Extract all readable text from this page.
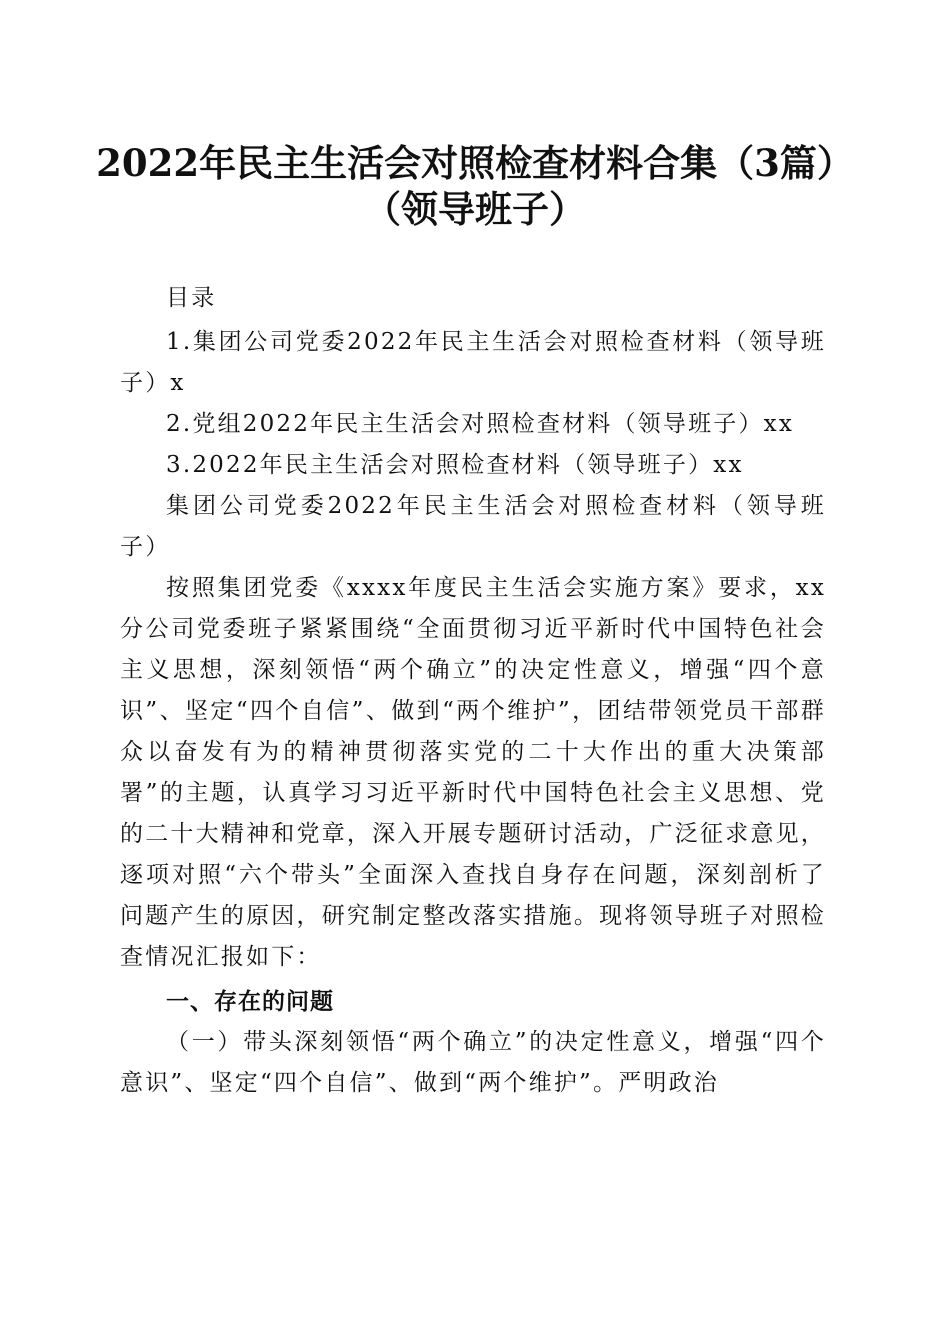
2022年民主生活会对照检查材料合集（3篇）
（领导班子）

目录

1.集团公司党委2022年民主生活会对照检查材料（领导班子）x

2.党组2022年民主生活会对照检查材料（领导班子）xx

3.2022年民主生活会对照检查材料（领导班子）xx

集团公司党委2022年民主生活会对照检查材料（领导班子）

按照集团党委《xxxx年度民主生活会实施方案》要求，xx分公司党委班子紧紧围绕“全面贯彻习近平新时代中国特色社会主义思想，深刻领悟“两个确立”的决定性意义，增强“四个意识”、坚定“四个自信”、做到“两个维护”，团结带领党员干部群众以奋发有为的精神贯彻落实党的二十大作出的重大决策部署”的主题，认真学习习近平新时代中国特色社会主义思想、党的二十大精神和党章，深入开展专题研讨活动，广泛征求意见，逐项对照“六个带头”全面深入查找自身存在问题，深刻剖析了问题产生的原因，研究制定整改落实措施。现将领导班子对照检查情况汇报如下：

一、存在的问题

（一）带头深刻领悟“两个确立”的决定性意义，增强“四个意识”、坚定“四个自信”、做到“两个维护”。严明政治
